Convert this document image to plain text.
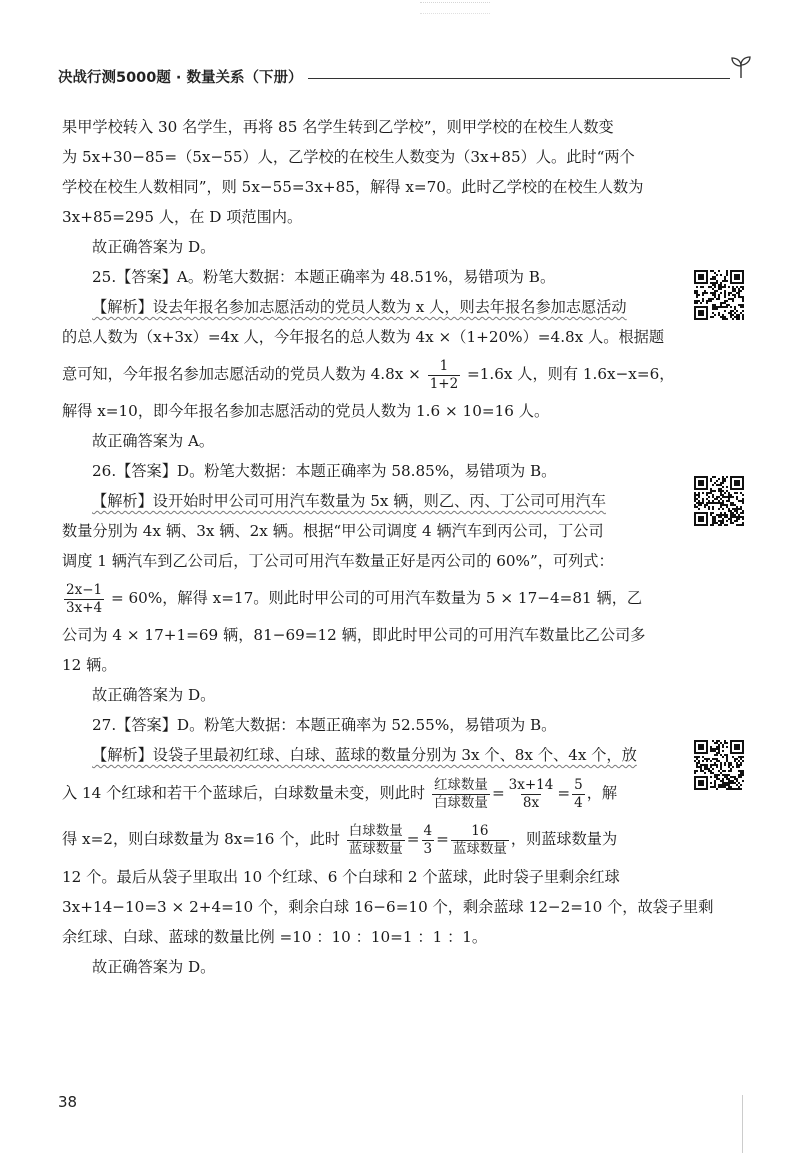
决战行测5000题 · 数量关系（下册）
果甲学校转入 30 名学生，再将 85 名学生转到乙学校”，则甲学校的在校生人数变
为 5x+30−85=（5x−55）人，乙学校的在校生人数变为（3x+85）人。此时“两个
学校在校生人数相同”，则 5x−55=3x+85，解得 x=70。此时乙学校的在校生人数为
3x+85=295 人，在 D 项范围内。
故正确答案为 D。
25.【答案】A。粉笔大数据：本题正确率为 48.51%，易错项为 B。
【解析】设去年报名参加志愿活动的党员人数为 x 人，则去年报名参加志愿活动
的总人数为（x+3x）=4x 人，今年报名的总人数为 4x ×（1+20%）=4.8x 人。根据题
意可知，今年报名参加志愿活动的党员人数为 $4.8x \times \frac{1}{1+2} =1.6x$ 人，则有 1.6x−x=6，
解得 x=10，即今年报名参加志愿活动的党员人数为 1.6 × 10=16 人。
故正确答案为 A。
26.【答案】D。粉笔大数据：本题正确率为 58.85%，易错项为 B。
【解析】设开始时甲公司可用汽车数量为 5x 辆，则乙、丙、丁公司可用汽车
数量分别为 4x 辆、3x 辆、2x 辆。根据“甲公司调度 4 辆汽车到丙公司，丁公司
调度 1 辆汽车到乙公司后，丁公司可用汽车数量正好是丙公司的 60%”，可列式：
$\frac{2x-1}{3x+4} = 60\%$，解得 x=17。则此时甲公司的可用汽车数量为 5 × 17−4=81 辆，乙
公司为 4 × 17+1=69 辆，81−69=12 辆，即此时甲公司的可用汽车数量比乙公司多
12 辆。
故正确答案为 D。
27.【答案】D。粉笔大数据：本题正确率为 52.55%，易错项为 B。
【解析】设袋子里最初红球、白球、蓝球的数量分别为 3x 个、8x 个、4x 个，放
入 14 个红球和若干个蓝球后，白球数量未变，则此时 $\frac{\text{红球数量}}{\text{白球数量}} = \frac{3x+14}{8x} = \frac{5}{4}$ ，解
得 x=2，则白球数量为 8x=16 个，此时 $\frac{\text{白球数量}}{\text{蓝球数量}} = \frac{4}{3} = \frac{16}{\text{蓝球数量}}$ ，则蓝球数量为
12 个。最后从袋子里取出 10 个红球、6 个白球和 2 个蓝球，此时袋子里剩余红球
3x+14−10=3 × 2+4=10 个，剩余白球 16−6=10 个，剩余蓝球 12−2=10 个，故袋子里剩
余红球、白球、蓝球的数量比例 =10 ：10 ：10=1 ：1 ：1。
故正确答案为 D。
38
